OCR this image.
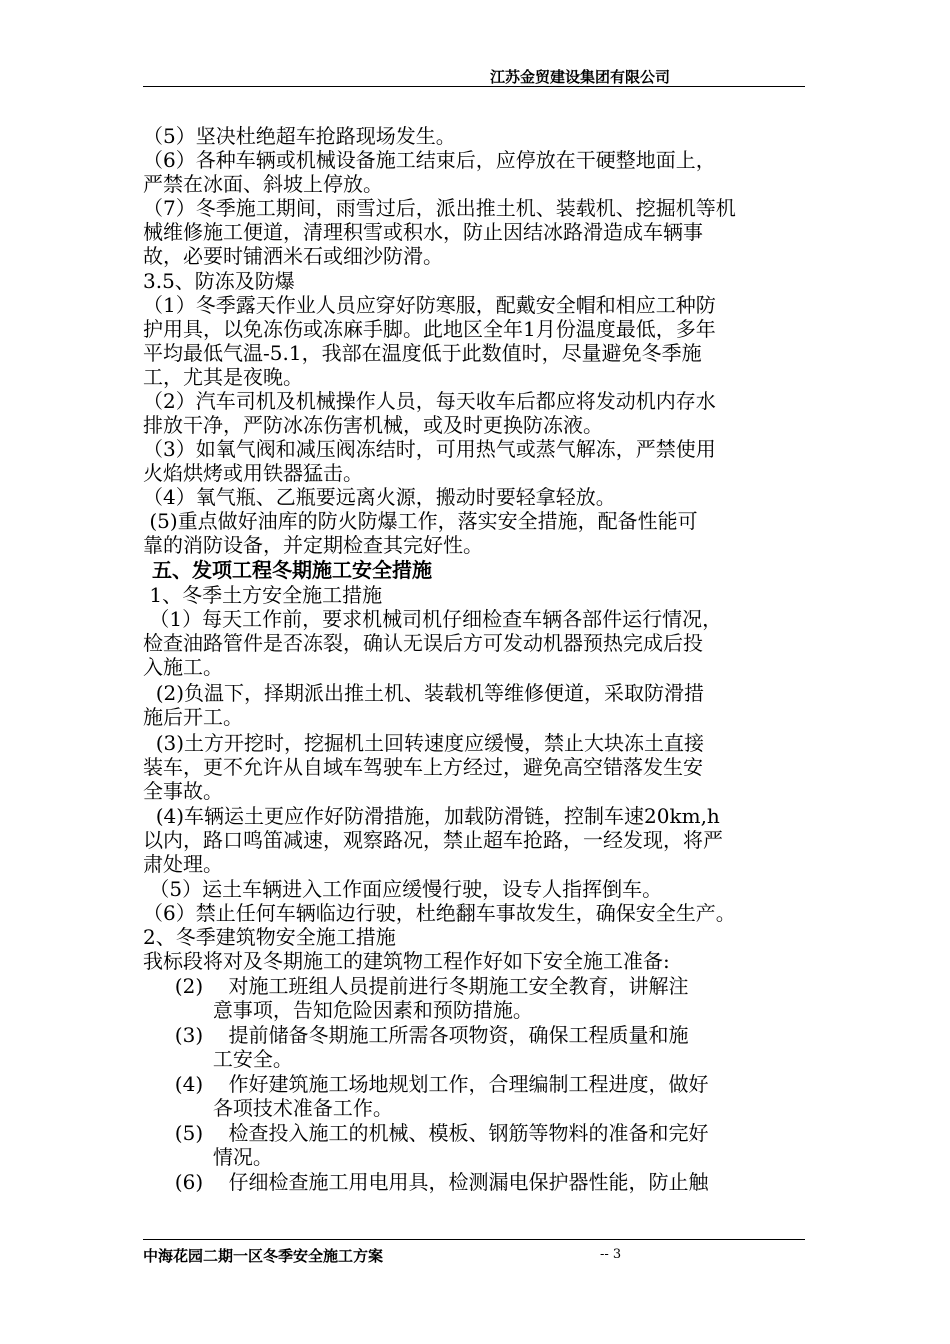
江苏金贸建设集团有限公司
（5）坚决杜绝超车抢路现场发生。
（6）各种车辆或机械设备施工结束后，应停放在干硬整地面上，
严禁在冰面、斜坡上停放。
（7）冬季施工期间，雨雪过后，派出推土机、装载机、挖掘机等机
械维修施工便道，清理积雪或积水，防止因结冰路滑造成车辆事
故，必要时铺洒米石或细沙防滑。
3.5、防冻及防爆
（1）冬季露天作业人员应穿好防寒服，配戴安全帽和相应工种防
护用具，以免冻伤或冻麻手脚。此地区全年1月份温度最低，多年
平均最低气温-5.1，我部在温度低于此数值时，尽量避免冬季施
工，尤其是夜晚。
（2）汽车司机及机械操作人员，每天收车后都应将发动机内存水
排放干净，严防冰冻伤害机械，或及时更换防冻液。
（3）如氧气阀和减压阀冻结时，可用热气或蒸气解冻，严禁使用
火焰烘烤或用铁器猛击。
（4）氧气瓶、乙瓶要远离火源，搬动时要轻拿轻放。
(5)重点做好油库的防火防爆工作，落实安全措施，配备性能可
靠的消防设备，并定期检查其完好性。
五、发项工程冬期施工安全措施
1、冬季土方安全施工措施
（1）每天工作前，要求机械司机仔细检查车辆各部件运行情况，
检查油路管件是否冻裂，确认无误后方可发动机器预热完成后投
入施工。
(2)负温下，择期派出推土机、装载机等维修便道，采取防滑措
施后开工。
(3)土方开挖时，挖掘机土回转速度应缓慢，禁止大块冻土直接
装车，更不允许从自域车驾驶车上方经过，避免高空错落发生安
全事故。
(4)车辆运土更应作好防滑措施，加载防滑链，控制车速20km,h
以内，路口鸣笛减速，观察路况，禁止超车抢路，一经发现，将严
肃处理。
（5）运土车辆进入工作面应缓慢行驶，设专人指挥倒车。
（6）禁止任何车辆临边行驶，杜绝翻车事故发生，确保安全生产。
2、冬季建筑物安全施工措施
我标段将对及冬期施工的建筑物工程作好如下安全施工准备:
(2)    对施工班组人员提前进行冬期施工安全教育，讲解注
意事项，告知危险因素和预防措施。
(3)    提前储备冬期施工所需各项物资，确保工程质量和施
工安全。
(4)    作好建筑施工场地规划工作，合理编制工程进度，做好
各项技术准备工作。
(5)    检查投入施工的机械、模板、钢筋等物料的准备和完好
情况。
(6)    仔细检查施工用电用具，检测漏电保护器性能，防止触
中海花园二期一区冬季安全施工方案	-- 3
